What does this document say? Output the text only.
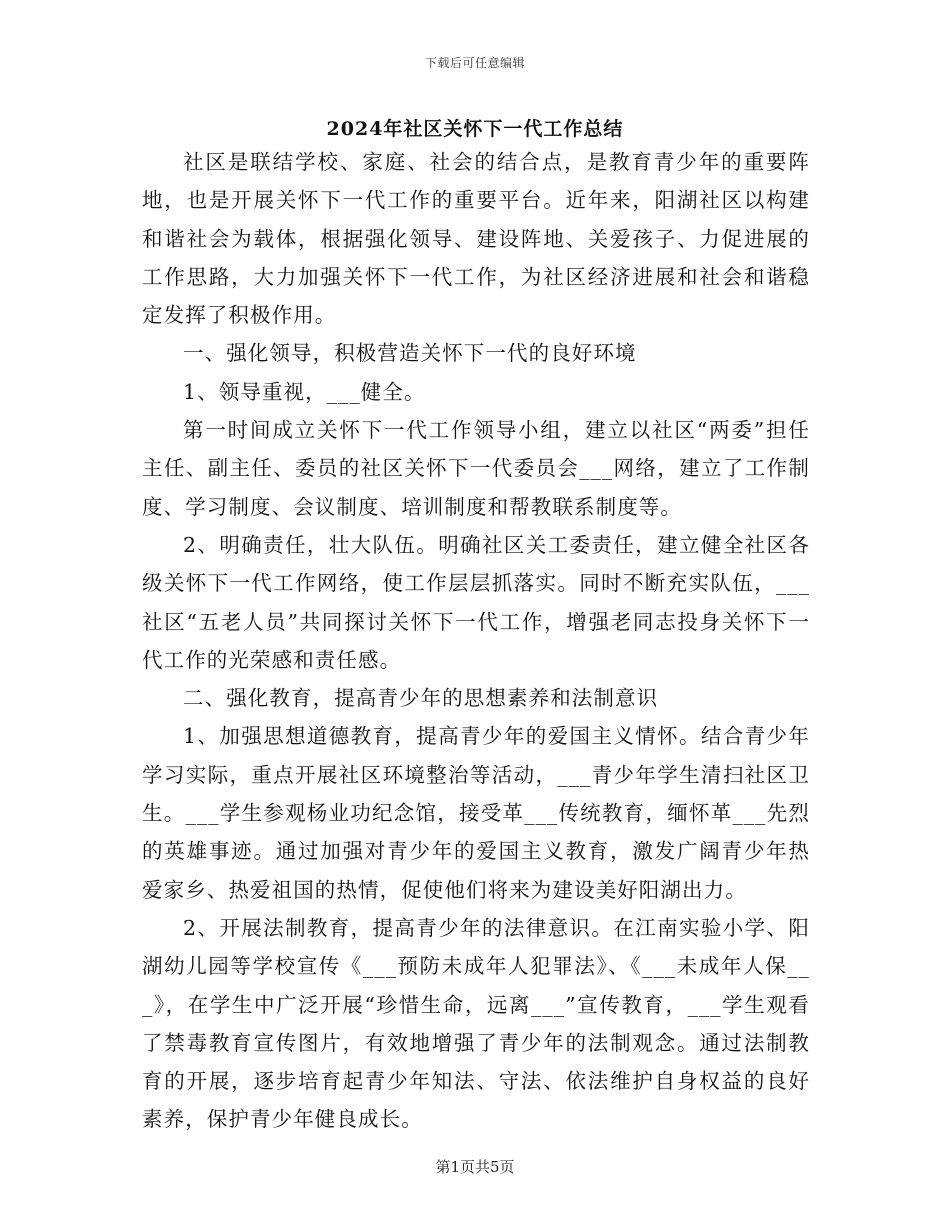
下载后可任意编辑
2024年社区关怀下一代工作总结

社区是联结学校、家庭、社会的结合点，是教育青少年的重要阵地，也是开展关怀下一代工作的重要平台。近年来，阳湖社区以构建和谐社会为载体，根据强化领导、建设阵地、关爱孩子、力促进展的工作思路，大力加强关怀下一代工作，为社区经济进展和社会和谐稳定发挥了积极作用。

一、强化领导，积极营造关怀下一代的良好环境

1、领导重视，___健全。

第一时间成立关怀下一代工作领导小组，建立以社区“两委”担任主任、副主任、委员的社区关怀下一代委员会___网络，建立了工作制度、学习制度、会议制度、培训制度和帮教联系制度等。

2、明确责任，壮大队伍。明确社区关工委责任，建立健全社区各级关怀下一代工作网络，使工作层层抓落实。同时不断充实队伍，___社区“五老人员”共同探讨关怀下一代工作，增强老同志投身关怀下一代工作的光荣感和责任感。

二、强化教育，提高青少年的思想素养和法制意识

1、加强思想道德教育，提高青少年的爱国主义情怀。结合青少年学习实际，重点开展社区环境整治等活动，___青少年学生清扫社区卫生。___学生参观杨业功纪念馆，接受革___传统教育，缅怀革___先烈的英雄事迹。通过加强对青少年的爱国主义教育，激发广阔青少年热爱家乡、热爱祖国的热情，促使他们将来为建设美好阳湖出力。

2、开展法制教育，提高青少年的法律意识。在江南实验小学、阳湖幼儿园等学校宣传《___预防未成年人犯罪法》、《___未成年人保___》，在学生中广泛开展“珍惜生命，远离___”宣传教育，___学生观看了禁毒教育宣传图片，有效地增强了青少年的法制观念。通过法制教育的开展，逐步培育起青少年知法、守法、依法维护自身权益的良好素养，保护青少年健良成长。

第1页共5页
